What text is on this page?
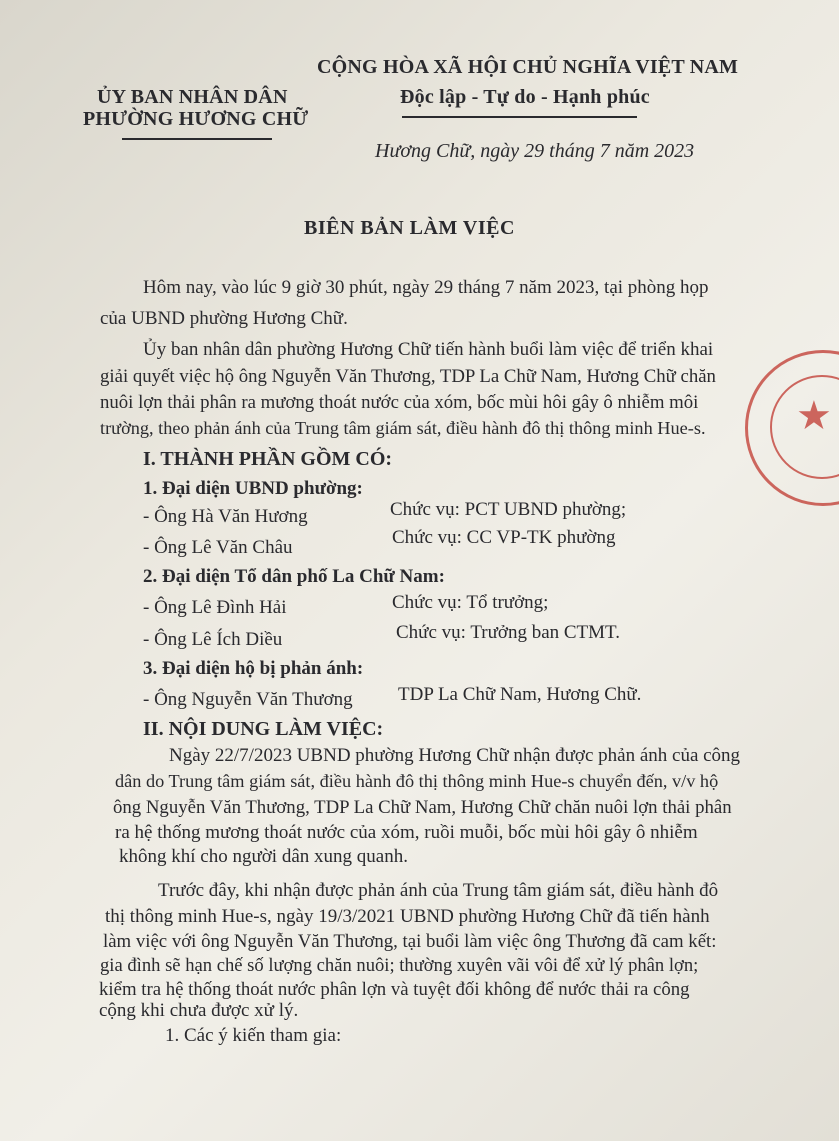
ỦY BAN NHÂN DÂN
PHƯỜNG HƯƠNG CHỮ
CỘNG HÒA XÃ HỘI CHỦ NGHĨA VIỆT NAM
Độc lập - Tự do - Hạnh phúc
Hương Chữ, ngày 29 tháng 7 năm 2023
BIÊN BẢN LÀM VIỆC
Hôm nay, vào lúc 9 giờ 30 phút, ngày 29 tháng 7 năm 2023, tại phòng họp
của UBND phường Hương Chữ.
Ủy ban nhân dân phường Hương Chữ tiến hành buổi làm việc để triển khai
giải quyết việc hộ ông Nguyễn Văn Thương, TDP La Chữ Nam, Hương Chữ chăn
nuôi lợn thải phân ra mương thoát nước của xóm, bốc mùi hôi gây ô nhiễm môi
trường, theo phản ánh của Trung tâm giám sát, điều hành đô thị thông minh Hue-s. ★
I. THÀNH PHẦN GỒM CÓ:
1. Đại diện UBND phường:
- Ông Hà Văn Hương	Chức vụ: PCT UBND phường;
- Ông Lê Văn Châu	Chức vụ: CC VP-TK phường
2. Đại diện Tổ dân phố La Chữ Nam:
- Ông Lê Đình Hải	Chức vụ: Tổ trưởng;
- Ông Lê Ích Diều	Chức vụ: Trưởng ban CTMT.
3. Đại diện hộ bị phản ánh:
- Ông Nguyễn Văn Thương TDP La Chữ Nam, Hương Chữ.
II. NỘI DUNG LÀM VIỆC:
Ngày 22/7/2023 UBND phường Hương Chữ nhận được phản ánh của công
dân do Trung tâm giám sát, điều hành đô thị thông minh Hue-s chuyển đến, v/v hộ
ông Nguyễn Văn Thương, TDP La Chữ Nam, Hương Chữ chăn nuôi lợn thải phân
ra hệ thống mương thoát nước của xóm, ruồi muỗi, bốc mùi hôi gây ô nhiễm
không khí cho người dân xung quanh.
Trước đây, khi nhận được phản ánh của Trung tâm giám sát, điều hành đô
thị thông minh Hue-s, ngày 19/3/2021 UBND phường Hương Chữ đã tiến hành
làm việc với ông Nguyễn Văn Thương, tại buổi làm việc ông Thương đã cam kết:
gia đình sẽ hạn chế số lượng chăn nuôi; thường xuyên vãi vôi để xử lý phân lợn;
kiểm tra hệ thống thoát nước phân lợn và tuyệt đối không để nước thải ra công
cộng khi chưa được xử lý.
1. Các ý kiến tham gia:
